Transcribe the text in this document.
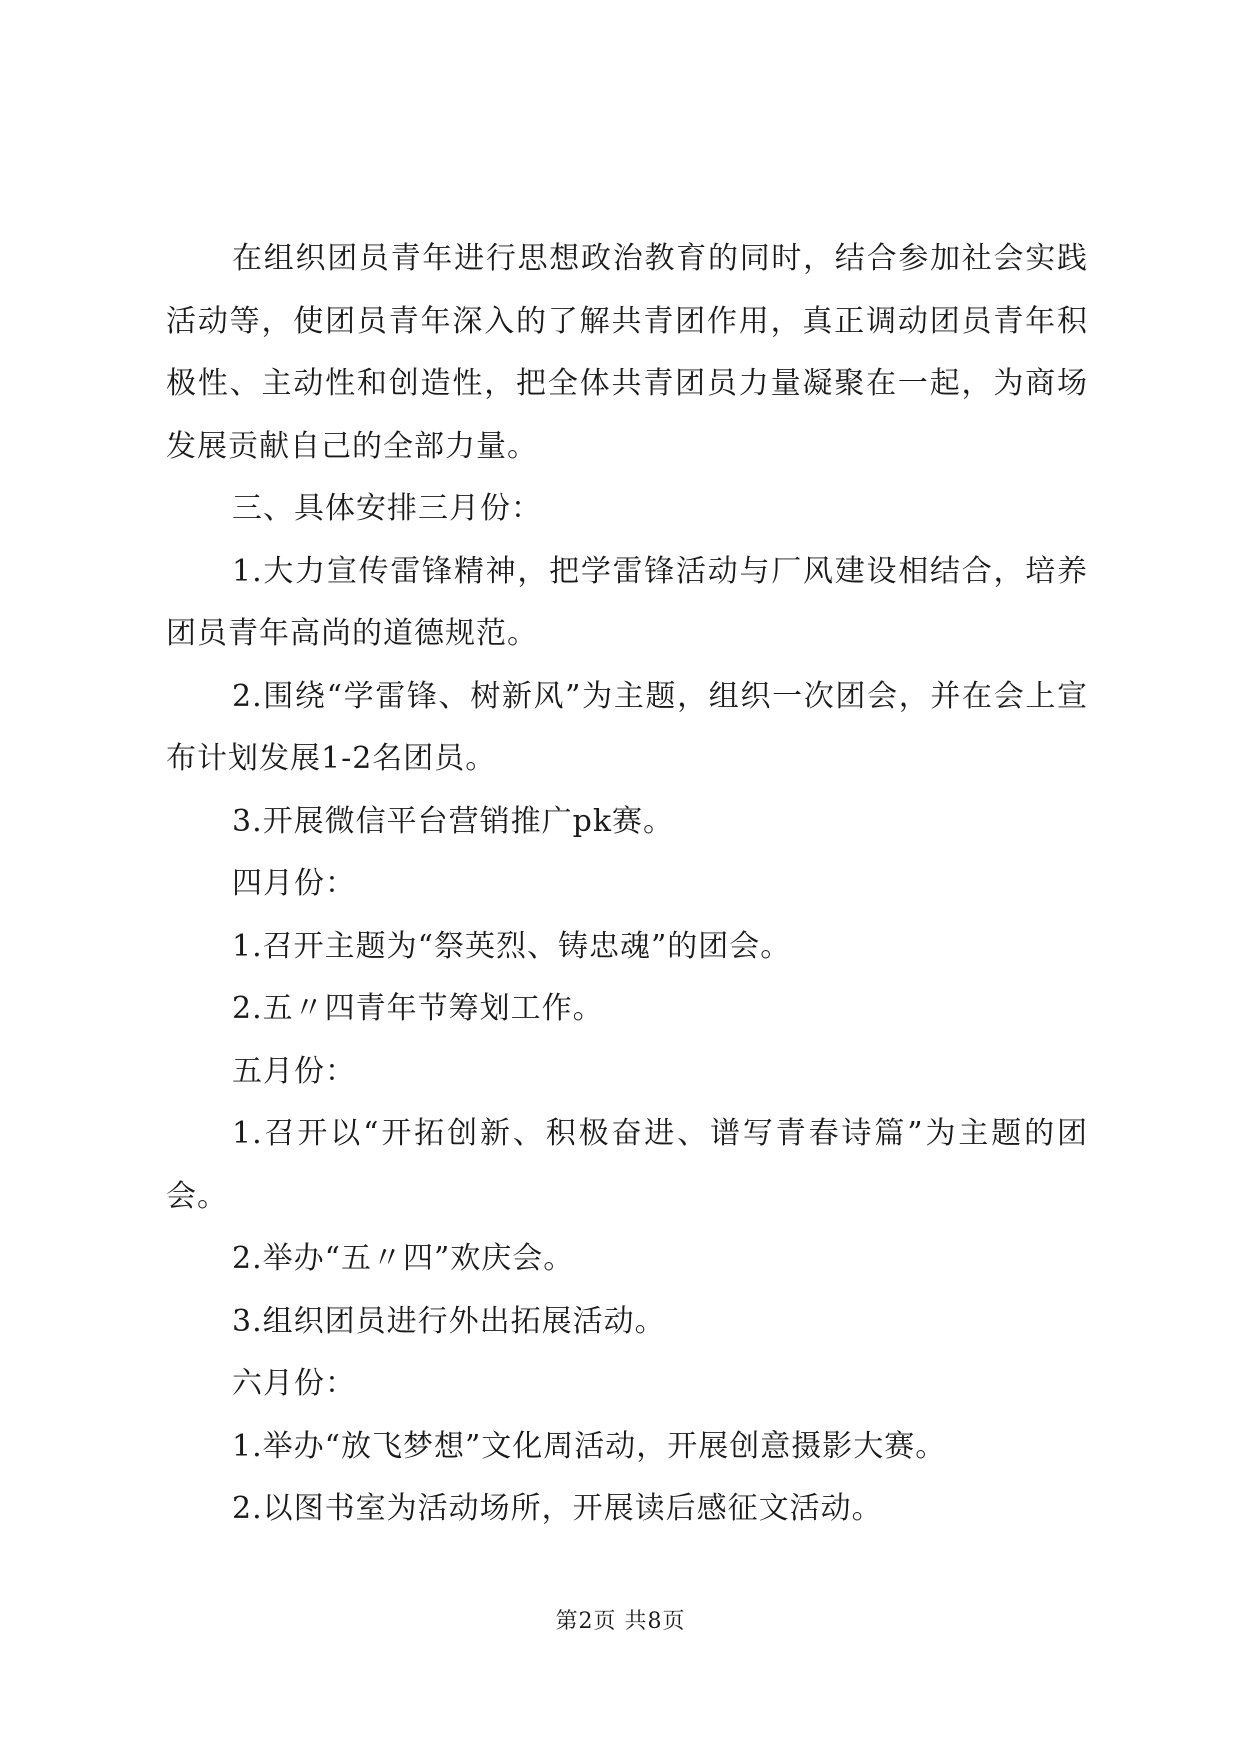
在组织团员青年进行思想政治教育的同时，结合参加社会实践活动等，使团员青年深入的了解共青团作用，真正调动团员青年积极性、主动性和创造性，把全体共青团员力量凝聚在一起，为商场发展贡献自己的全部力量。

三、具体安排三月份：

1.大力宣传雷锋精神，把学雷锋活动与厂风建设相结合，培养团员青年高尚的道德规范。

2.围绕“学雷锋、树新风”为主题，组织一次团会，并在会上宣布计划发展1-2名团员。

3.开展微信平台营销推广pk赛。

四月份：

1.召开主题为“祭英烈、铸忠魂”的团会。

2.五〃四青年节筹划工作。

五月份：

1.召开以“开拓创新、积极奋进、谱写青春诗篇”为主题的团会。

2.举办“五〃四”欢庆会。

3.组织团员进行外出拓展活动。

六月份：

1.举办“放飞梦想”文化周活动，开展创意摄影大赛。

2.以图书室为活动场所，开展读后感征文活动。

第2页 共8页
